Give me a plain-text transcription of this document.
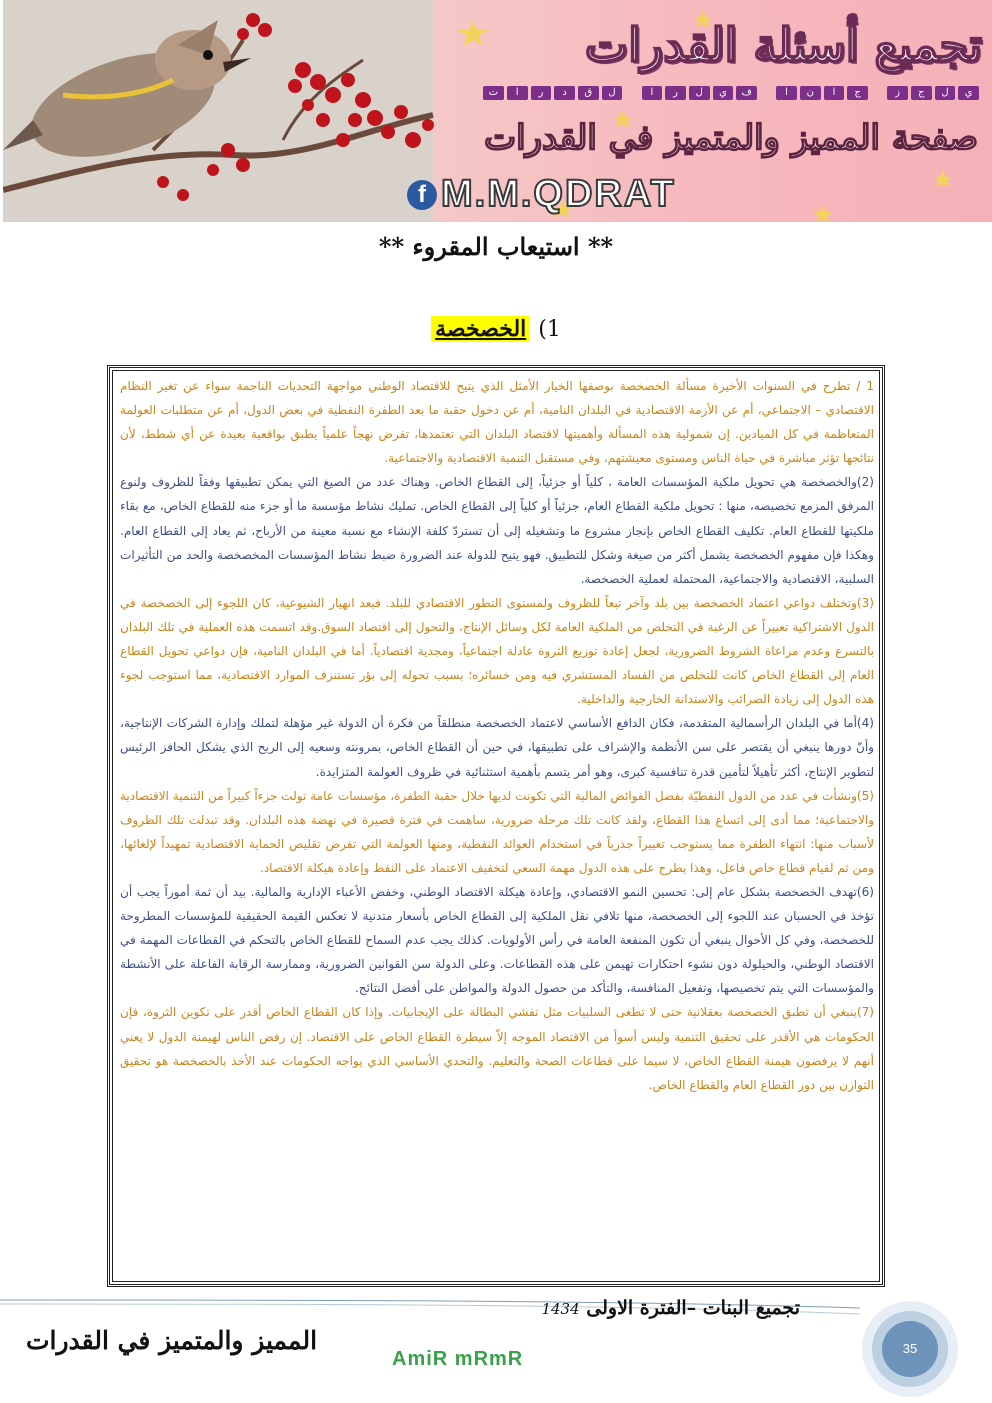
تجميع أسئلة القدرات
ي
ل
ج
ز
ج
ا
ن
ا
ف
ي
ل
ر
ا
ل
ق
د
ر
ا
ت
صفحة المميز والمتميز في القدرات
f M.M.QDRAT
** استيعاب المقروء **
1)
الخصخصة

1 / تطرح في السنوات الأخيرة مسألة الخصخصة بوصفها الخيار الأمثل الذي يتيح للاقتصاد الوطني مواجهة التحديات الناجمة سواء عن تغير النظام الاقتصادي – الاجتماعي، أم عن الأزمة الاقتصادية في البلدان النامية، أم عن دخول حقبة ما بعد الطفرة النفطية في بعض الدول، أم عن متطلبات العولمة المتعاظمة في كل الميادين. إن شمولية هذه المسألة وأهميتها لاقتصاد البلدان التي تعتمدها، تفرض نهجاً علمياً يطبق بواقعية بعيدة عن أي شطط، لأن نتائجها تؤثر مباشرة في حياة الناس ومستوى معيشتهم، وفي مستقبل التنمية الاقتصادية والاجتماعية.

(2)والخصخصة هي تحويل ملكية المؤسسات العامة ، كلياً أو جزئياً، إلى القطاع الخاص. وهناك عدد من الصيغ التي يمكن تطبيقها وفقاً للظروف ولنوع المرفق المزمع تخصيصه، منها : تحويل ملكية القطاع العام، جزئياً أو كلياً إلى القطاع الخاص. تمليك نشاط مؤسسة ما أو جزء منه للقطاع الخاص، مع بقاء ملكيتها للقطاع العام. تكليف القطاع الخاص بإنجاز مشروع ما وتشغيله إلى أن تستردّ كلفة الإنشاء مع نسبة معينة من الأرباح، ثم يعاد إلى القطاع العام. وهكذا فإن مفهوم الخصخصة يشمل أكثر من صيغة وشكل للتطبيق. فهو يتيح للدولة عند الضرورة ضبط نشاط المؤسسات المخصخصة والحد من التأثيرات السلبية، الاقتصادية والاجتماعية، المحتملة لعملية الخصخصة.

(3)وتختلف دواعي اعتماد الخصخصة بين بلد وآخر تبعاً للظروف ولمستوى التطور الاقتصادي للبلد. فبعد انهيار الشيوعية، كان اللجوء إلى الخصخصة في الدول الاشتراكية تعبيراً عن الرغبة في التخلص من الملكية العامة لكل وسائل الإنتاج، والتحول إلى اقتصاد السوق.وقد اتسمت هذه العملية في تلك البلدان بالتسرع وعدم مراعاة الشروط الضرورية، لجعل إعادة توزيع الثروة عادلة اجتماعياً، ومجدية اقتصادياً. أما في البلدان النامية، فإن دواعي تحويل القطاع العام إلى القطاع الخاص كانت للتخلص من الفساد المستشري فيه ومن خسائره؛ بسبب تحوله إلى بؤر تستنزف الموارد الاقتصادية، مما استوجب لجوء هذه الدول إلى زيادة الضرائب والاستدانة الخارجية والداخلية.

(4)أما في البلدان الرأسمالية المتقدمة، فكان الدافع الأساسي لاعتماد الخصخصة منطلقاً من فكرة أن الدولة غير مؤهلة لتملك وإدارة الشركات الإنتاجية، وأنّ دورها ينبغي أن يقتصر على سن الأنظمة والإشراف على تطبيقها، في حين أن القطاع الخاص، بمرونته وسعيه إلى الربح الذي يشكل الحافز الرئيس لتطوير الإنتاج، أكثر تأهيلاً لتأمين قدرة تنافسية كبرى، وهو أمر يتسم بأهمية استثنائية في ظروف العولمة المتزايدة.

(5)ونشأت في عدد من الدول النفطيّة بفضل الفوائض المالية التي تكونت لديها خلال حقبة الطفرة، مؤسسات عامة تولت جزءاً كبيراً من التنمية الاقتصادية والاجتماعية؛ مما أدى إلى اتساع هذا القطاع، ولقد كانت تلك مرحلة ضرورية، ساهمت في فترة قصيرة في نهضة هذه البلدان. وقد تبدلت تلك الظروف لأسباب منها: انتهاء الطفرة مما يستوجب تغييراً جذرياً في استخدام العوائد النفطية، ومنها العولمة التي تفرض تقليص الحماية الاقتصادية تمهيداً لإلغائها، ومن ثم لقيام قطاع خاص فاعل، وهذا يطرح على هذه الدول مهمة السعي لتخفيف الاعتماد على النفط وإعادة هيكلة الاقتصاد.

(6)تهدف الخصخصة بشكل عام إلى: تحسين النمو الاقتصادي، وإعادة هيكلة الاقتصاد الوطني، وخفض الأعباء الإدارية والمالية. بيد أن ثمة أموراً يجب أن تؤخذ في الحسبان عند اللجوء إلى الخصخصة، منها تلافي نقل الملكية إلى القطاع الخاص بأسعار متدنية لا تعكس القيمة الحقيقية للمؤسسات المطروحة للخصخصة، وفي كل الأحوال ينبغي أن تكون المنفعة العامة في رأس الأولويات. كذلك يجب عدم السماح للقطاع الخاص بالتحكم في القطاعات المهمة في الاقتصاد الوطني، والحيلولة دون نشوء احتكارات تهيمن على هذه القطاعات. وعلى الدولة سن القوانين الضرورية، وممارسة الرقابة الفاعلة على الأنشطة والمؤسسات التي يتم تخصيصها، وتفعيل المنافسة، والتأكد من حصول الدولة والمواطن على أفضل النتائج.

(7)ينبغي أن تطبق الخصخصة بعقلانية حتى لا تطغى السلبيات مثل تفشي البطالة على الإيجابيات. وإذا كان القطاع الخاص أقدر على تكوين الثروة، فإن الحكومات هي الأقدر على تحقيق التنمية وليس أسوأ من الاقتصاد الموجه إلاّ سيطرة القطاع الخاص على الاقتصاد. إن رفض الناس لهيمنة الدول لا يعني أنهم لا يرفضون هيمنة القطاع الخاص، لا سيما على قطاعات الصحة والتعليم. والتحدي الأساسي الذي يواجه الحكومات عند الأخذ بالخصخصة هو تحقيق التوازن بين دور القطاع العام والقطاع الخاص.

35
تجميع البنات –الفترة الاولى 1434
المميز والمتميز في القدرات
AmiR mRmR
